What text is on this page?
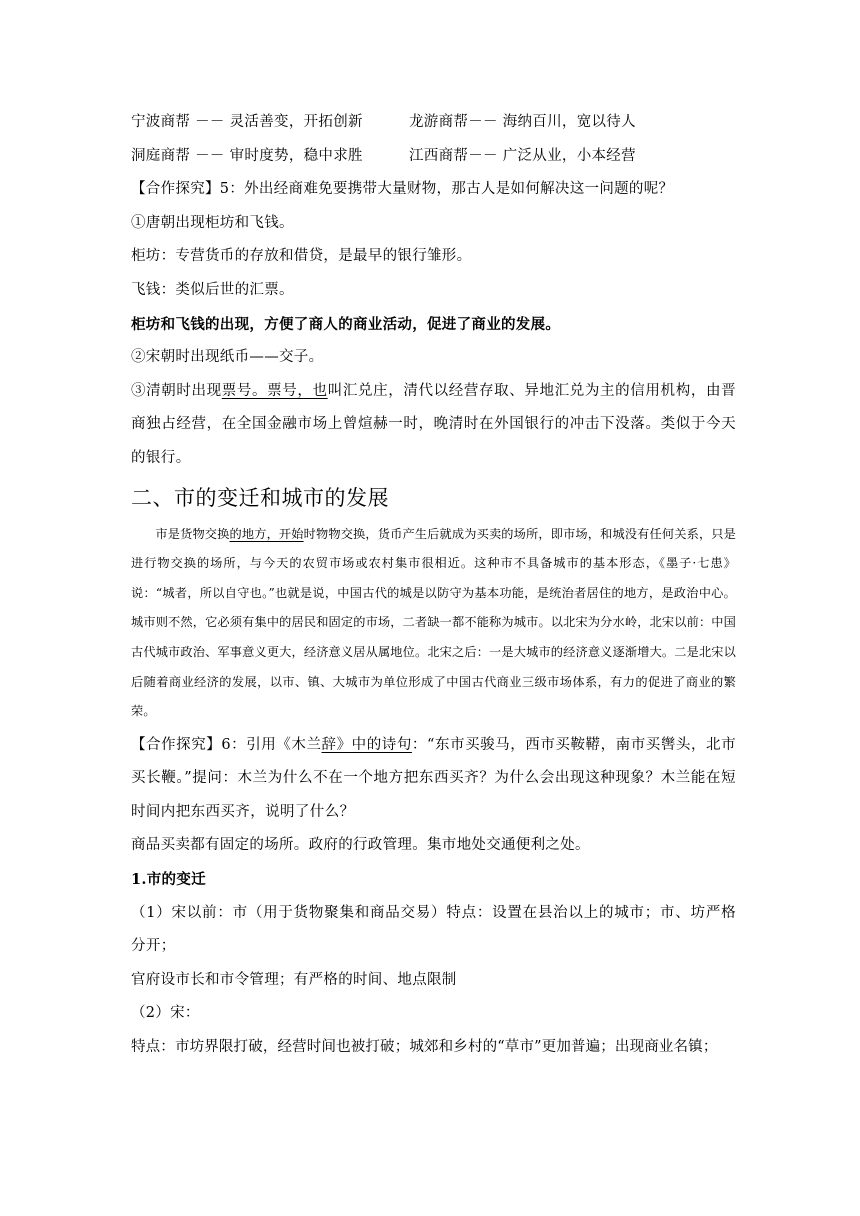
宁波商帮 －－ 灵活善变，开拓创新	龙游商帮－－ 海纳百川，宽以待人
洞庭商帮 －－ 审时度势，稳中求胜	江西商帮－－ 广泛从业，小本经营
【合作探究】5：外出经商难免要携带大量财物，那古人是如何解决这一问题的呢？
①唐朝出现柜坊和飞钱。
柜坊：专营货币的存放和借贷，是最早的银行雏形。
飞钱：类似后世的汇票。
柜坊和飞钱的出现，方便了商人的商业活动，促进了商业的发展。
②宋朝时出现纸币——交子。
③清朝时出现票号。票号，也叫汇兑庄，清代以经营存取、异地汇兑为主的信用机构，由晋商独占经营，在全国金融市场上曾煊赫一时，晚清时在外国银行的冲击下没落。类似于今天的银行。
二、市的变迁和城市的发展
市是货物交换的地方，开始时物物交换，货币产生后就成为买卖的场所，即市场，和城没有任何关系，只是进行物交换的场所，与今天的农贸市场或农村集市很相近。这种市不具备城市的基本形态，《墨子·七患》说：“城者，所以自守也。”也就是说，中国古代的城是以防守为基本功能，是统治者居住的地方，是政治中心。城市则不然，它必须有集中的居民和固定的市场，二者缺一都不能称为城市。以北宋为分水岭，北宋以前：中国古代城市政治、军事意义更大，经济意义居从属地位。北宋之后：一是大城市的经济意义逐渐增大。二是北宋以后随着商业经济的发展，以市、镇、大城市为单位形成了中国古代商业三级市场体系，有力的促进了商业的繁荣。
【合作探究】6：引用《木兰辞》中的诗句：“东市买骏马，西市买鞍鞯，南市买辔头，北市买长鞭。”提问：木兰为什么不在一个地方把东西买齐？为什么会出现这种现象？木兰能在短时间内把东西买齐，说明了什么？
商品买卖都有固定的场所。政府的行政管理。集市地处交通便利之处。
1.市的变迁
（1）宋以前：市（用于货物聚集和商品交易）特点：设置在县治以上的城市；市、坊严格分开；
官府设市长和市令管理；有严格的时间、地点限制
（2）宋：
特点：市坊界限打破，经营时间也被打破；城郊和乡村的“草市”更加普遍；出现商业名镇；
